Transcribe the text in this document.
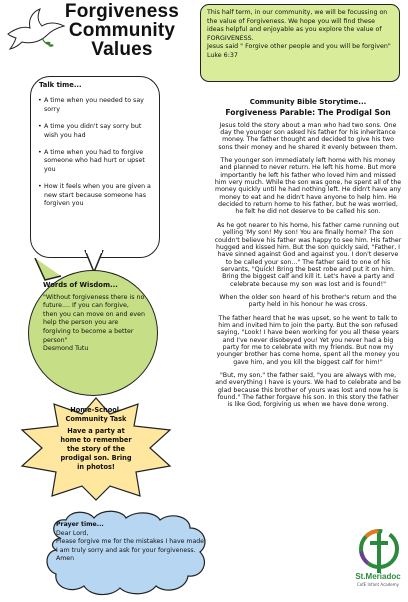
Forgiveness
Community
Values

This half term, in our community, we will be focussing on the value of Forgiveness. We hope you will find these ideas helpful and enjoyable as you explore the value of FORGIVENESS.

Jesus said " Forgive other people and you will be forgiven" Luke 6:37

Talk time...
• A time when you needed to say sorry
• A time you didn't say sorry but wish you had
• A time when you had to forgive someone who had hurt or upset you
• How it feels when you are given a new start because someone has forgiven you
Words of Wisdom...
"Without forgiveness there is no future.... If you can forgive, then you can move on and even help the person you are forgiving to become a better person"
Desmond Tutu
Home-School-
Community Task
Have a party at home to remember the story of the prodigal son. Bring in photos!
Prayer time...
Dear Lord,
Please forgive me for the mistakes I have made. I am truly sorry and ask for your forgiveness.
Amen
Community Bible Storytime...
Forgiveness Parable: The Prodigal Son

Jesus told the story about a man who had two sons. One day the younger son asked his father for his inheritance money. The father thought and decided to give his two sons their money and he shared it evenly between them.

The younger son immediately left home with his money and planned to never return. He left his home. But more importantly he left his father who loved him and missed him very much. While the son was gone, he spent all of the money quickly until he had nothing left. He didn't have any money to eat and he didn't have anyone to help him. He decided to return home to his father, but he was worried, he felt he did not deserve to be called his son.

As he got nearer to his home, his father came running out yelling 'My son! My son! You are finally home? The son couldn't believe his father was happy to see him. His father hugged and kissed him. But the son quickly said, "Father, I have sinned against God and against you. I don't deserve to be called your son..." The father said to one of his servants, "Quick! Bring the best robe and put it on him. Bring the biggest calf and kill it. Let's have a party and celebrate because my son was lost and is found!"

When the older son heard of his brother's return and the party held in his honour he was cross.

The father heard that he was upset, so he went to talk to him and invited him to join the party. But the son refused saying, "Look! I have been working for you all these years and I've never disobeyed you! Yet you never had a big party for me to celebrate with my friends. But now my younger brother has come home, spent all the money you gave him, and you kill the biggest calf for him!"

"But, my son," the father said, "you are always with me, and everything I have is yours. We had to celebrate and be glad because this brother of yours was lost and now he is found." The father forgave his son. In this story the father is like God, forgiving us when we have done wrong.

St.Meriadoc
CofE Infant Academy
